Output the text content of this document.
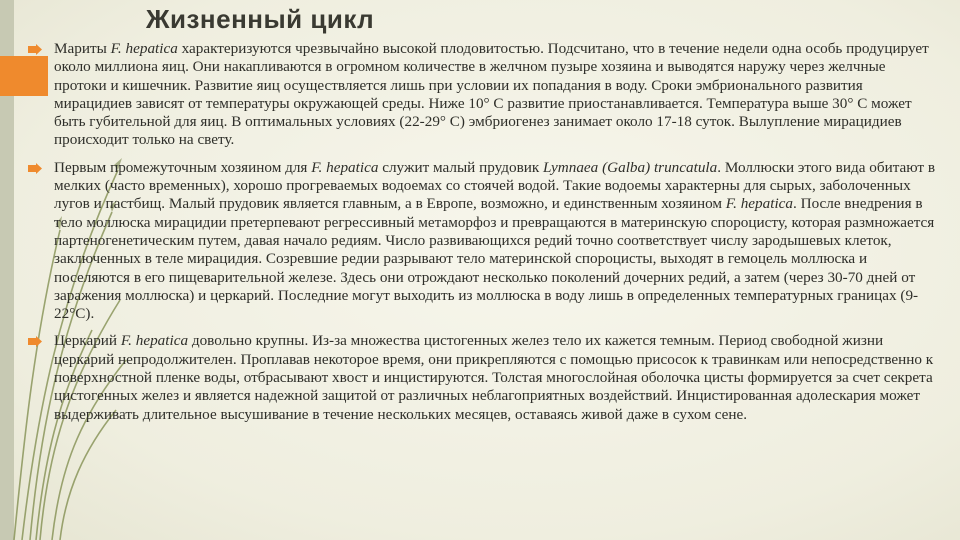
Жизненный цикл

Мариты F. hepatica характеризуются чрезвычайно высокой плодовитостью. Подсчитано, что в течение недели одна особь продуцирует около миллиона яиц. Они накапливаются в огромном количестве в желчном пузыре хозяина и выводятся наружу через желчные протоки и кишечник. Развитие яиц осуществляется лишь при условии их попадания в воду. Сроки эмбрионального развития мирацидиев зависят от температуры окружающей среды. Ниже 10° С развитие приостанавливается. Температура выше 30° С может быть губительной для яиц. В оптимальных условиях (22-29° С) эмбриогенез занимает около 17-18 суток. Вылупление мирацидиев происходит только на свету.

Первым промежуточным хозяином для F. hepatica служит малый прудовик Lymnaea (Galba) truncatula. Моллюски этого вида обитают в мелких (часто временных), хорошо прогреваемых водоемах со стоячей водой. Такие водоемы характерны для сырых, заболоченных лугов и пастбищ. Малый прудовик является главным, а в Европе, возможно, и единственным хозяином F. hepatica. После внедрения в тело моллюска мирацидии претерпевают регрессивный метаморфоз и превращаются в материнскую спороцисту, которая размножается партеногенетическим путем, давая начало редиям. Число развивающихся редий точно соответствует числу зародышевых клеток, заключенных в теле мирацидия. Созревшие редии разрывают тело материнской спороцисты, выходят в гемоцель моллюска и поселяются в его пищеварительной железе. Здесь они отрождают несколько поколений дочерних редий, а затем (через 30-70 дней от заражения моллюска) и церкарий. Последние могут выходить из моллюска в воду лишь в определенных температурных границах (9-22°С).

Церкарий F. hepatica довольно крупны. Из-за множества цистогенных желез тело их кажется темным. Период свободной жизни церкарий непродолжителен. Проплавав некоторое время, они прикрепляются с помощью присосок к травинкам или непосредственно к поверхностной пленке воды, отбрасывают хвост и инцистируются. Толстая многослойная оболочка цисты формируется за счет секрета цистогенных желез и является надежной защитой от различных неблагоприятных воздействий. Инцистированная адолескария может выдерживать длительное высушивание в течение нескольких месяцев, оставаясь живой даже в сухом сене.
